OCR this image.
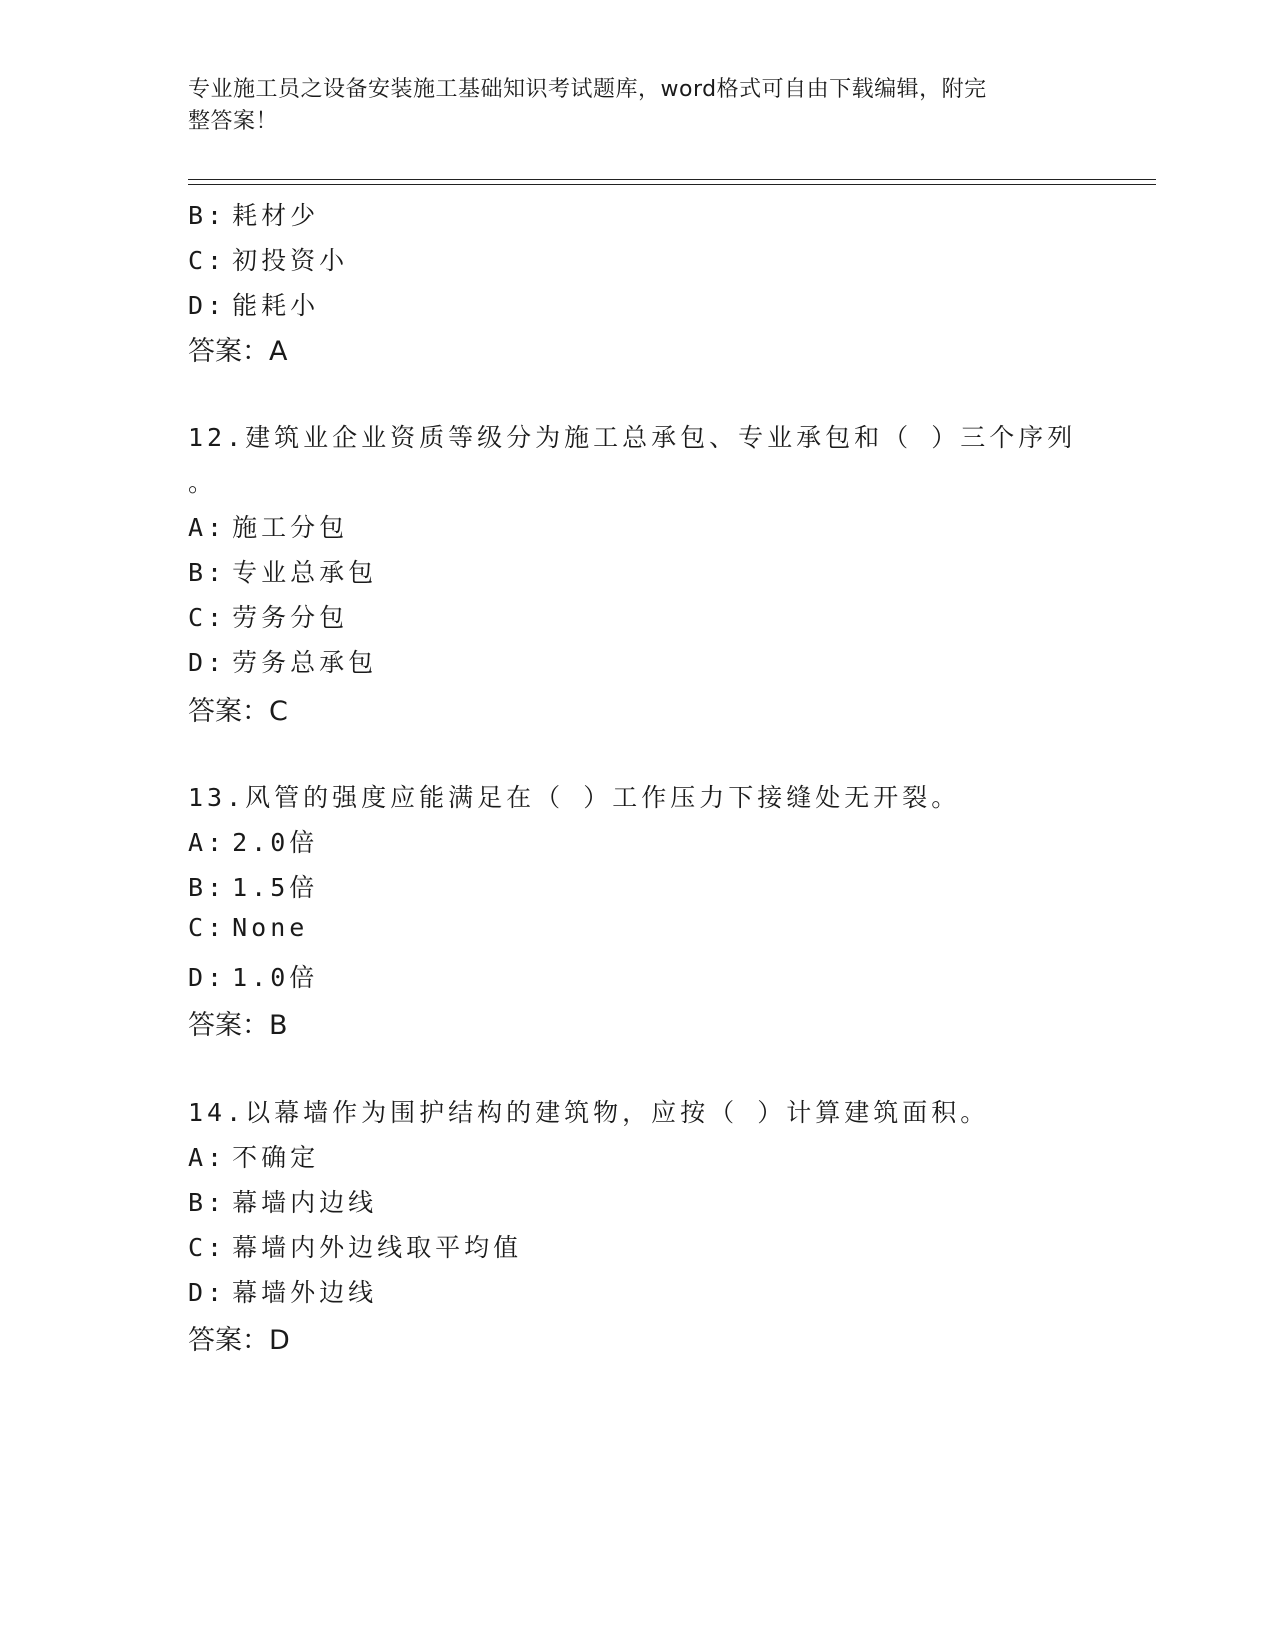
专业施工员之设备安装施工基础知识考试题库，word格式可自由下载编辑，附完
整答案！
B: 耗材少
C: 初投资小
D: 能耗小
答案：A
12.建筑业企业资质等级分为施工总承包、专业承包和（ ）三个序列
。
A: 施工分包
B: 专业总承包
C: 劳务分包
D: 劳务总承包
答案：C
13.风管的强度应能满足在（ ）工作压力下接缝处无开裂。
A: 2.0倍
B: 1.5倍
C: None
D: 1.0倍
答案：B
14.以幕墙作为围护结构的建筑物，应按（ ）计算建筑面积。
A: 不确定
B: 幕墙内边线
C: 幕墙内外边线取平均值
D: 幕墙外边线
答案：D
